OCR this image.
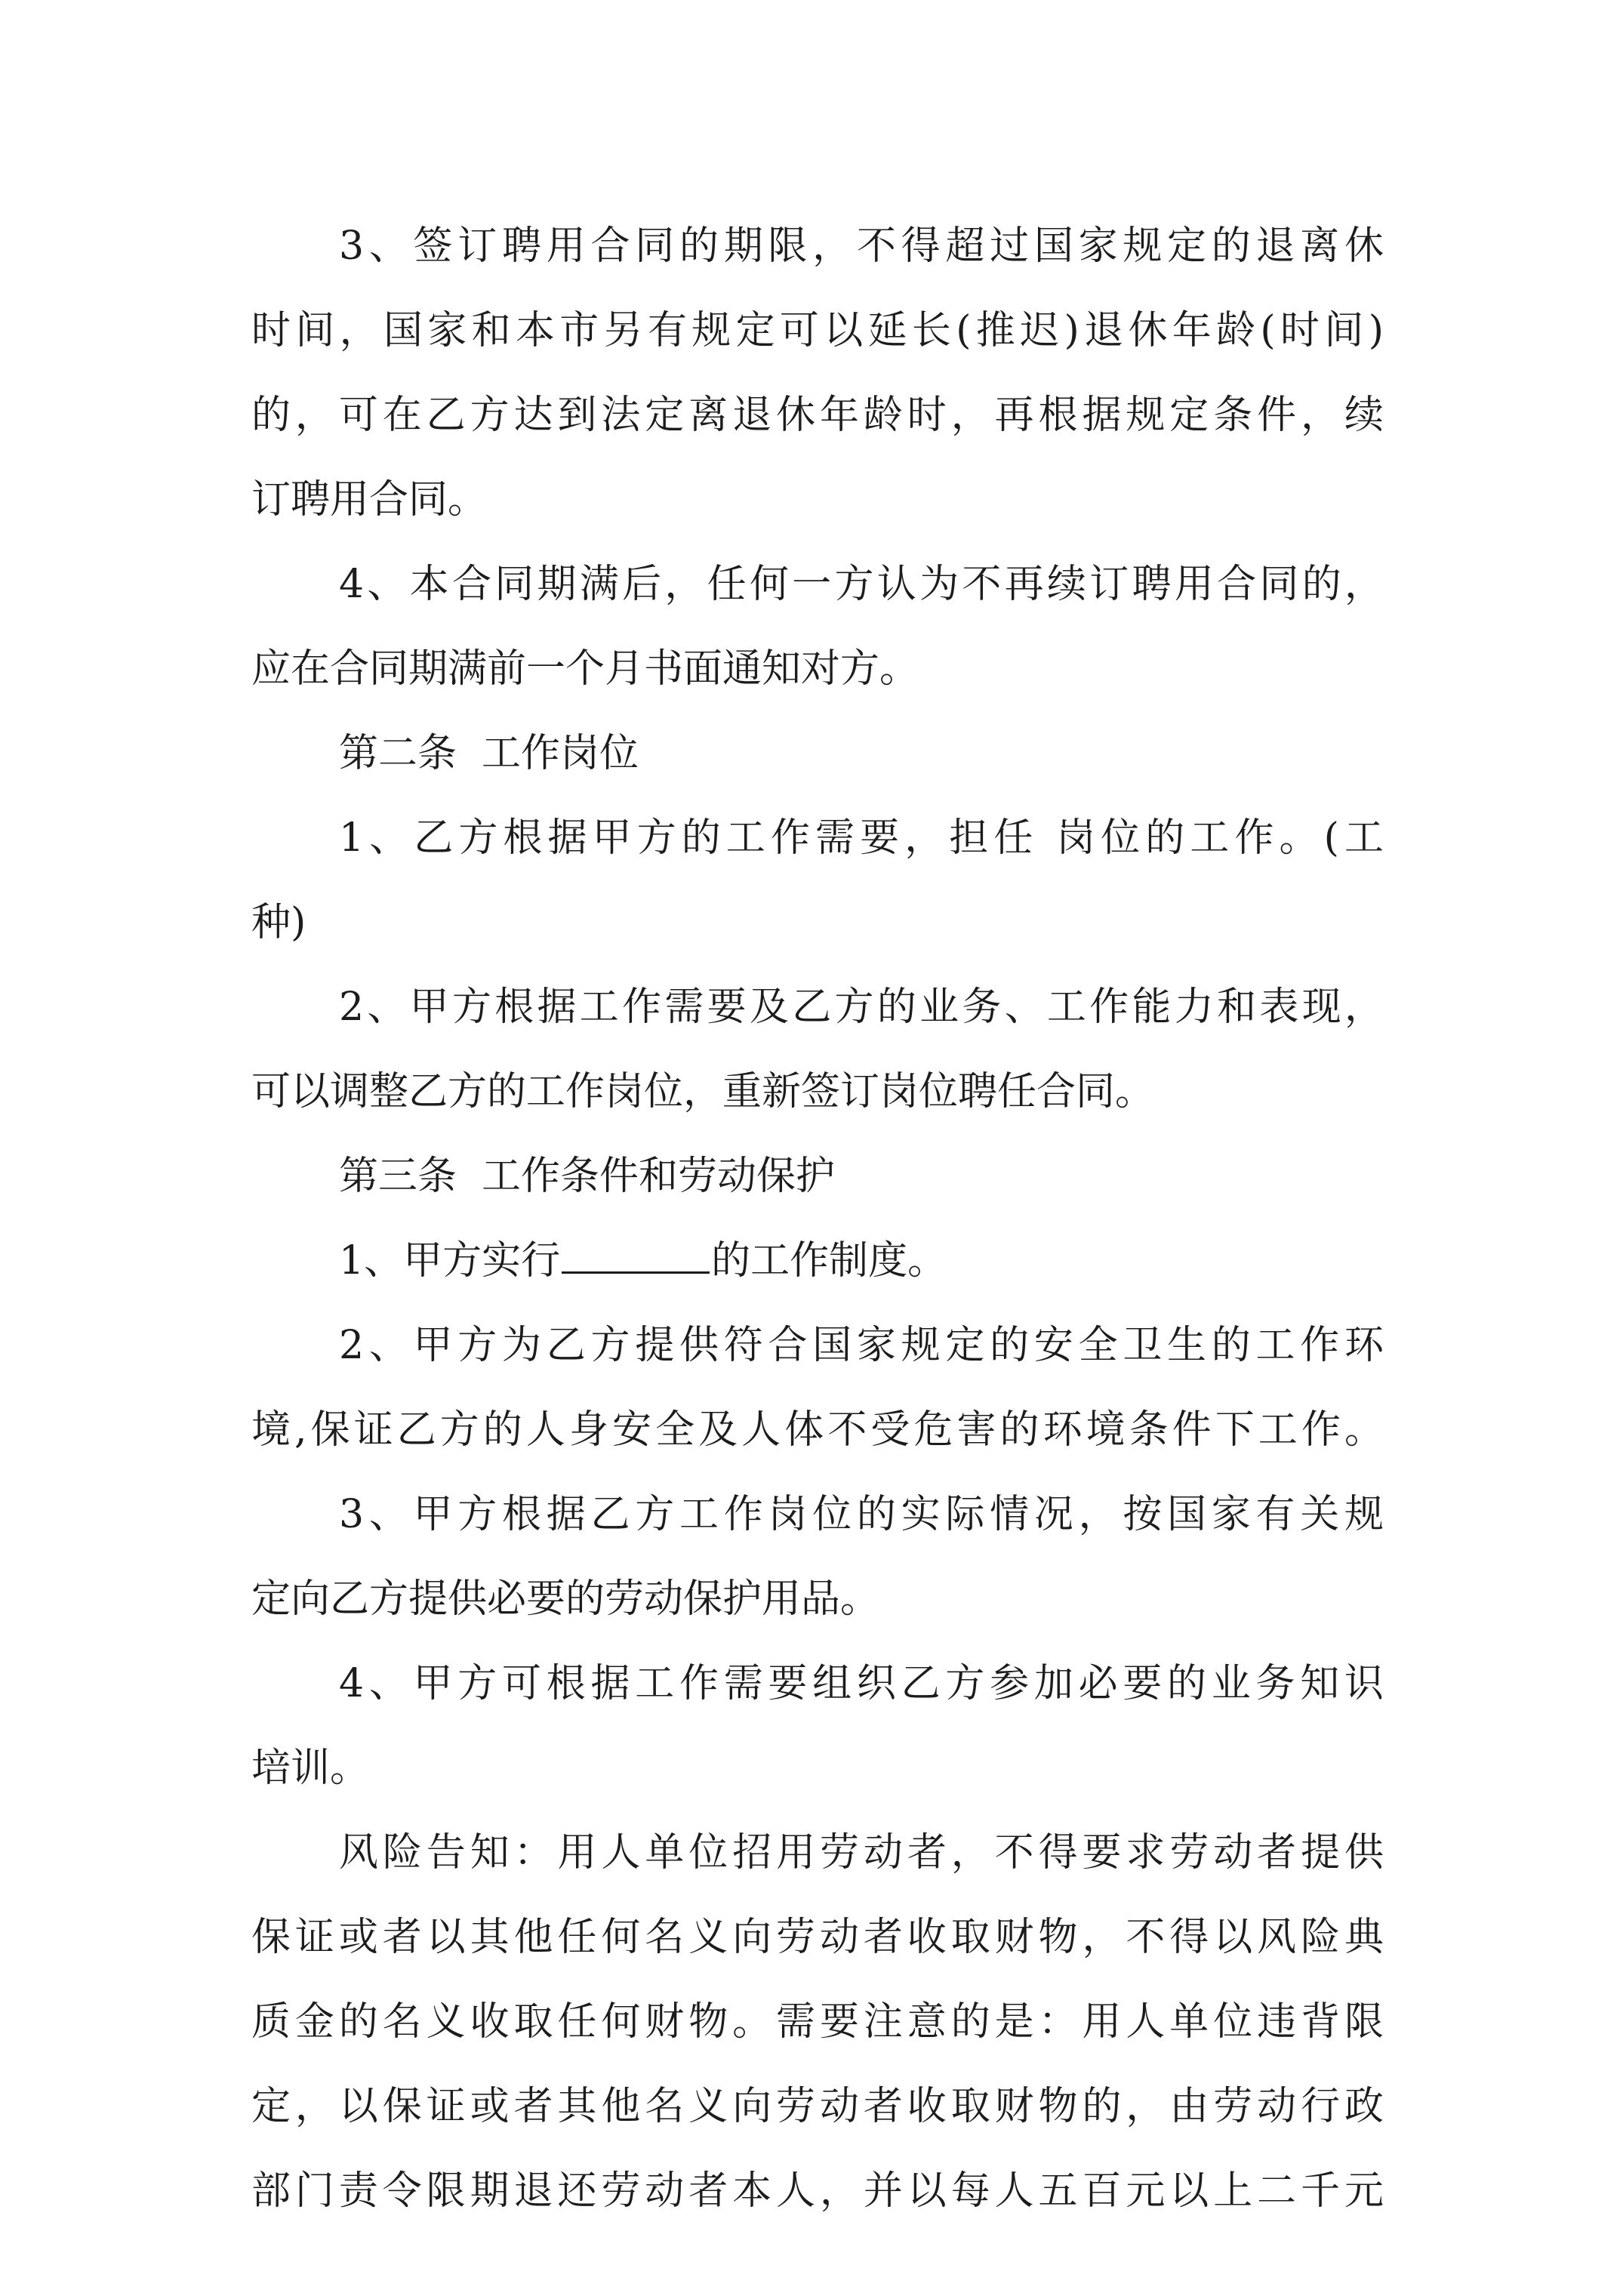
3、签订聘用合同的期限，不得超过国家规定的退离休
时间，国家和本市另有规定可以延长(推迟)退休年龄(时间)
的，可在乙方达到法定离退休年龄时，再根据规定条件，续
订聘用合同。
4、本合同期满后，任何一方认为不再续订聘用合同的，
应在合同期满前一个月书面通知对方。
第二条  工作岗位
1、乙方根据甲方的工作需要，担任 岗位的工作。(工
种)
2、甲方根据工作需要及乙方的业务、工作能力和表现，
可以调整乙方的工作岗位，重新签订岗位聘任合同。
第三条  工作条件和劳动保护
1、甲方实行	的工作制度。
2、甲方为乙方提供符合国家规定的安全卫生的工作环
境,保证乙方的人身安全及人体不受危害的环境条件下工作。
3、甲方根据乙方工作岗位的实际情况，按国家有关规
定向乙方提供必要的劳动保护用品。
4、甲方可根据工作需要组织乙方参加必要的业务知识
培训。
风险告知：用人单位招用劳动者，不得要求劳动者提供
保证或者以其他任何名义向劳动者收取财物，不得以风险典
质金的名义收取任何财物。需要注意的是：用人单位违背限
定，以保证或者其他名义向劳动者收取财物的，由劳动行政
部门责令限期退还劳动者本人，并以每人五百元以上二千元
